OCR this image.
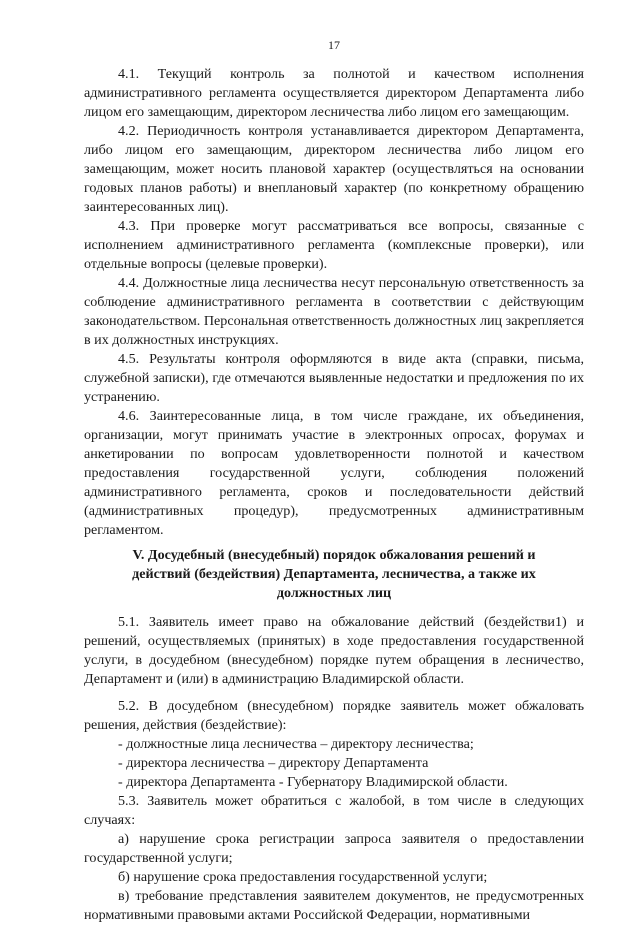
17

4.1. Текущий контроль за полнотой и качеством исполнения административного регламента осуществляется директором Департамента либо лицом его замещающим, директором лесничества либо лицом его замещающим.

4.2. Периодичность контроля устанавливается директором Департамента, либо лицом его замещающим, директором лесничества либо лицом его замещающим, может носить плановой характер (осуществляться на основании годовых планов работы) и внеплановый характер (по конкретному обращению заинтересованных лиц).

4.3. При проверке могут рассматриваться все вопросы, связанные с исполнением административного регламента (комплексные проверки), или отдельные вопросы (целевые проверки).

4.4. Должностные лица лесничества несут персональную ответственность за соблюдение административного регламента в соответствии с действующим законодательством. Персональная ответственность должностных лиц закрепляется в их должностных инструкциях.

4.5. Результаты контроля оформляются в виде акта (справки, письма, служебной записки), где отмечаются выявленные недостатки и предложения по их устранению.

4.6. Заинтересованные лица, в том числе граждане, их объединения, организации, могут принимать участие в электронных опросах, форумах и анкетировании по вопросам удовлетворенности полнотой и качеством предоставления государственной услуги, соблюдения положений административного регламента, сроков и последовательности действий (административных процедур), предусмотренных административным регламентом.

V. Досудебный (внесудебный) порядок обжалования решений и действий (бездействия) Департамента, лесничества, а также их должностных лиц

5.1. Заявитель имеет право на обжалование действий (бездействи1) и решений, осуществляемых (принятых) в ходе предоставления государственной услуги, в досудебном (внесудебном) порядке путем обращения в лесничество, Департамент и (или) в администрацию Владимирской области.

5.2. В досудебном (внесудебном) порядке заявитель может обжаловать решения, действия (бездействие):

- должностные лица лесничества – директору лесничества;

- директора лесничества – директору Департамента

- директора Департамента - Губернатору Владимирской области.

5.3. Заявитель может обратиться с жалобой, в том числе в следующих случаях:

а) нарушение срока регистрации запроса заявителя о предоставлении государственной услуги;

б) нарушение срока предоставления государственной услуги;

в) требование представления заявителем документов, не предусмотренных нормативными правовыми актами Российской Федерации, нормативными
